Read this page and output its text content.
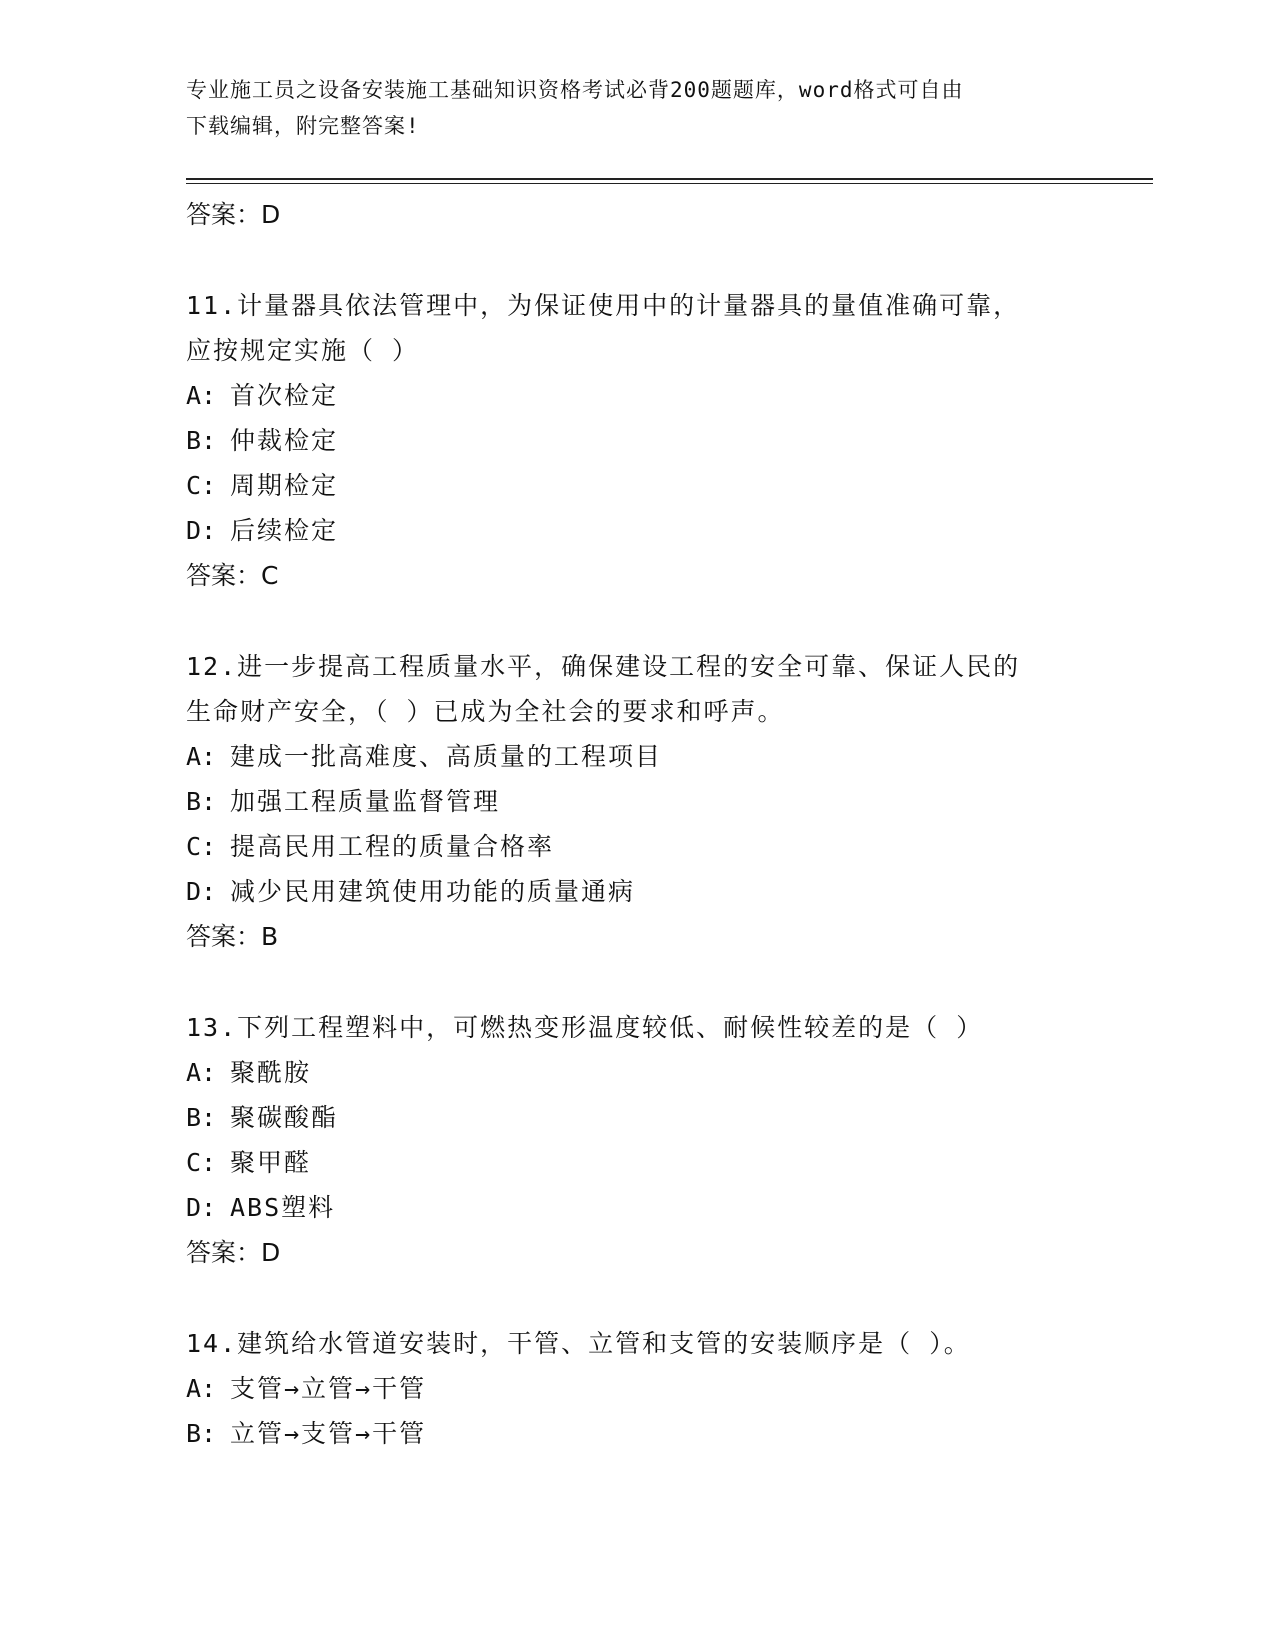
专业施工员之设备安装施工基础知识资格考试必背200题题库，word格式可自由
下载编辑，附完整答案!
答案：D
11.计量器具依法管理中，为保证使用中的计量器具的量值准确可靠，
应按规定实施（ ）
A: 首次检定
B: 仲裁检定
C: 周期检定
D: 后续检定
答案：C
12.进一步提高工程质量水平，确保建设工程的安全可靠、保证人民的
生命财产安全，（ ）已成为全社会的要求和呼声。
A: 建成一批高难度、高质量的工程项目
B: 加强工程质量监督管理
C: 提高民用工程的质量合格率
D: 减少民用建筑使用功能的质量通病
答案：B
13.下列工程塑料中，可燃热变形温度较低、耐候性较差的是（ ）
A: 聚酰胺
B: 聚碳酸酯
C: 聚甲醛
D: ABS塑料
答案：D
14.建筑给水管道安装时，干管、立管和支管的安装顺序是（ ）。
A: 支管→立管→干管
B: 立管→支管→干管
